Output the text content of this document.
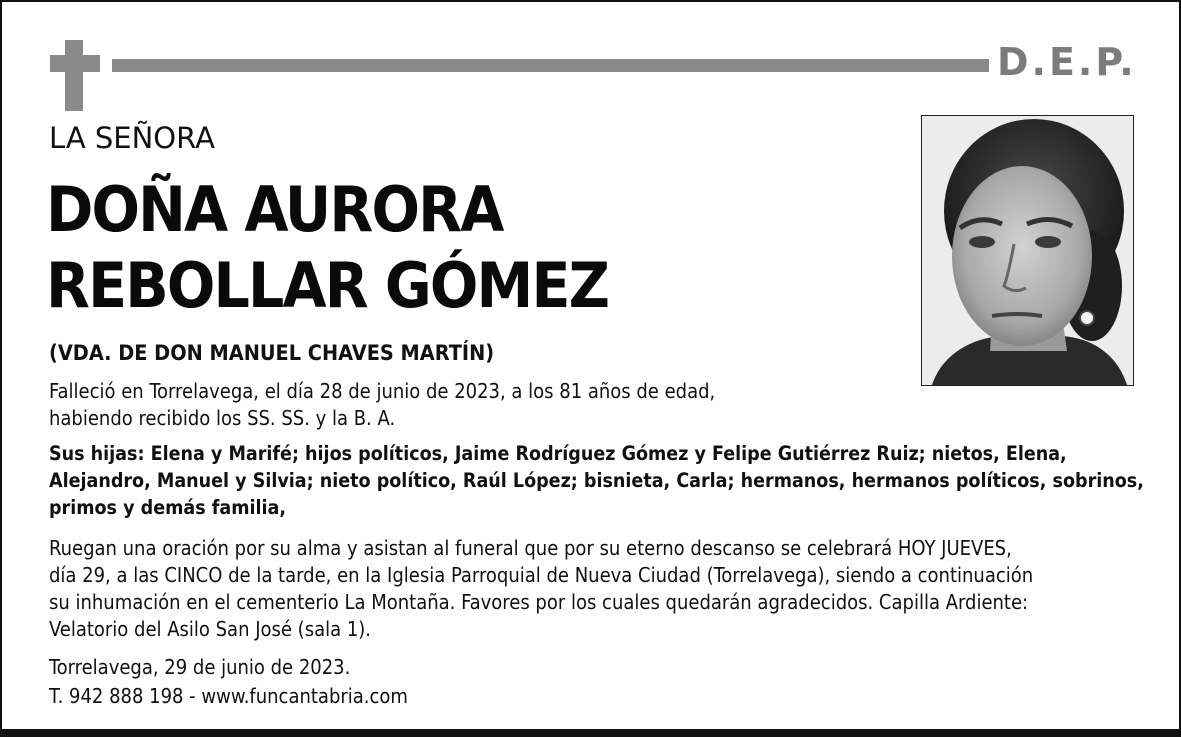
D.E.P.
LA SEÑORA
DOÑA AURORA
REBOLLAR GÓMEZ
(VDA. DE DON MANUEL CHAVES MARTÍN)
Falleció en Torrelavega, el día 28 de junio de 2023, a los 81 años de edad,
habiendo recibido los SS. SS. y la B. A.
Sus hijas: Elena y Marifé; hijos políticos, Jaime Rodríguez Gómez y Felipe Gutiérrez Ruiz; nietos, Elena,
Alejandro, Manuel y Silvia; nieto político, Raúl López; bisnieta, Carla; hermanos, hermanos políticos, sobrinos,
primos y demás familia,
Ruegan una oración por su alma y asistan al funeral que por su eterno descanso se celebrará HOY JUEVES,
día 29, a las CINCO de la tarde, en la Iglesia Parroquial de Nueva Ciudad (Torrelavega), siendo a continuación
su inhumación en el cementerio La Montaña. Favores por los cuales quedarán agradecidos. Capilla Ardiente:
Velatorio del Asilo San José (sala 1).
Torrelavega, 29 de junio de 2023.
T. 942 888 198 - www.funcantabria.com
